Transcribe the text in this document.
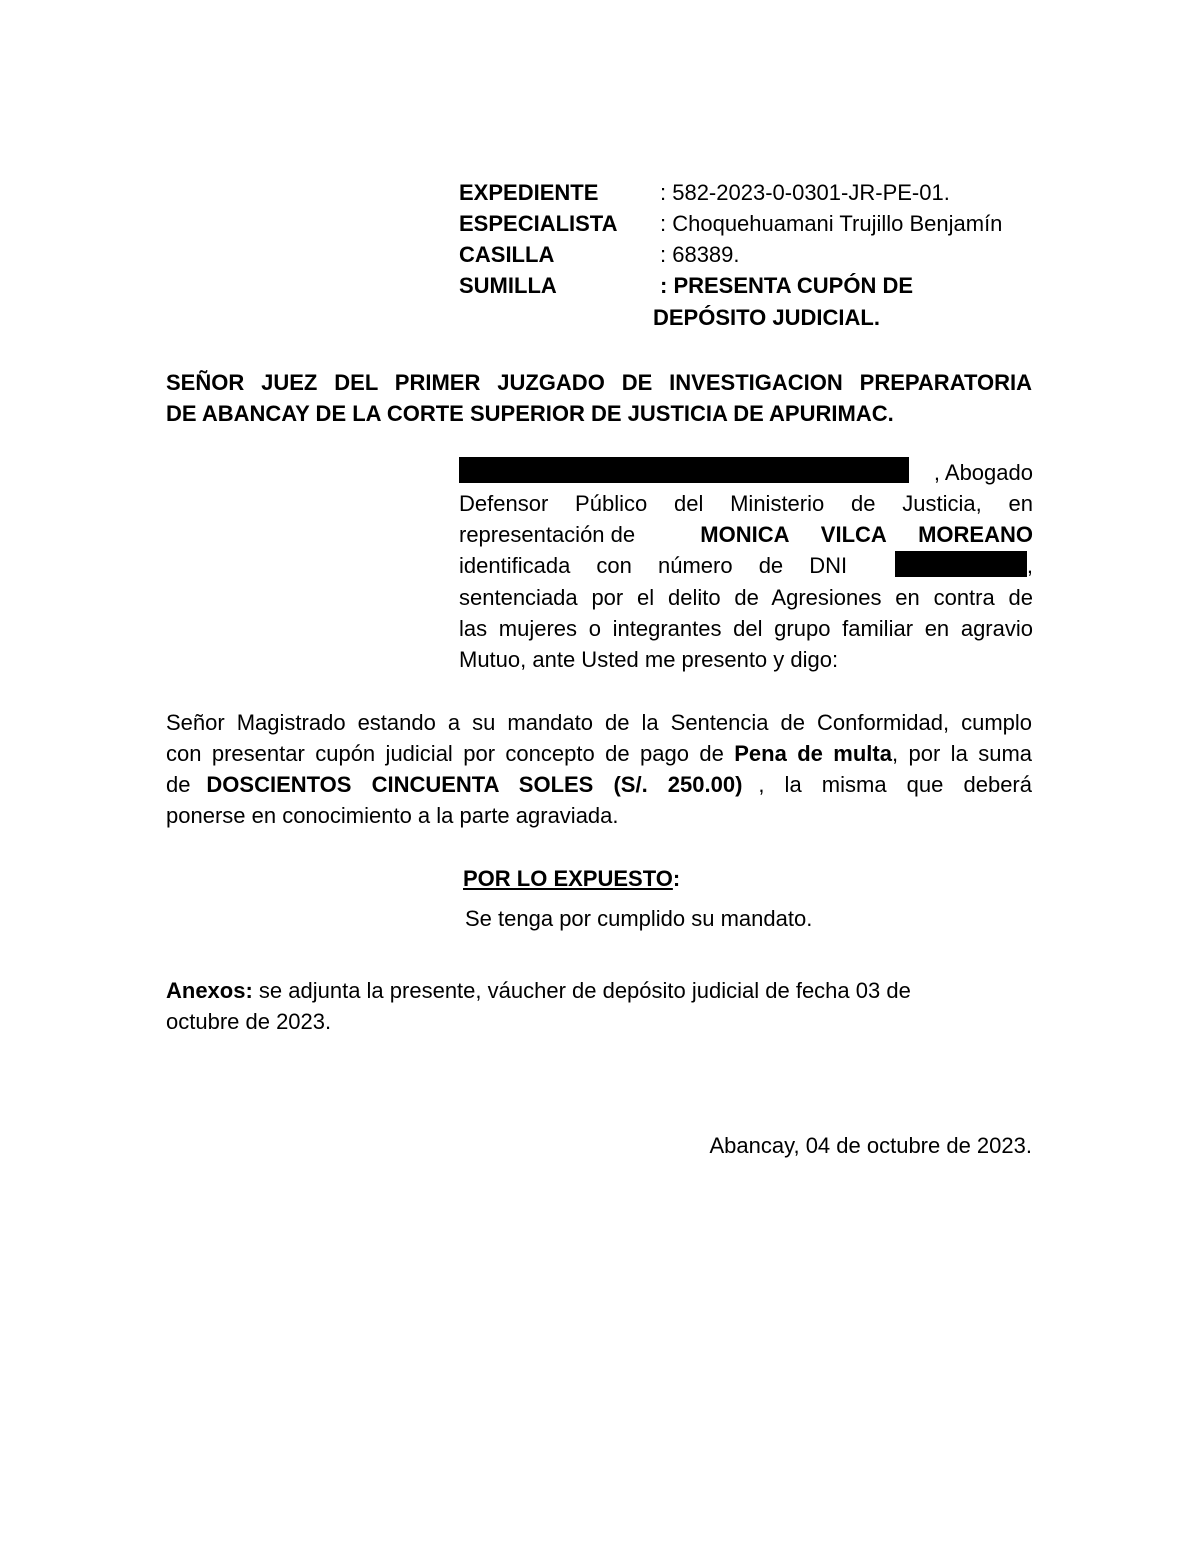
EXPEDIENTE	: 582-2023-0-0301-JR-PE-01.
ESPECIALISTA : Choquehuamani Trujillo Benjamín
CASILLA	: 68389.
SUMILLA	: PRESENTA CUPÓN DE
DEPÓSITO JUDICIAL.
SEÑOR JUEZ DEL PRIMER JUZGADO DE INVESTIGACION PREPARATORIA
DE ABANCAY DE LA CORTE SUPERIOR DE JUSTICIA DE APURIMAC.
, Abogado
Defensor Público del Ministerio de Justicia, en
representación de	MONICA VILCA MOREANO
identificada con número de DNI	,
sentenciada por el delito de Agresiones en contra de
las mujeres o integrantes del grupo familiar en agravio
Mutuo, ante Usted me presento y digo:
Señor Magistrado estando a su mandato de la Sentencia de Conformidad, cumplo
con presentar cupón judicial por concepto de pago de Pena de multa, por la suma
de DOSCIENTOS CINCUENTA SOLES (S/. 250.00) , la misma que deberá
ponerse en conocimiento a la parte agraviada.
POR LO EXPUESTO:
Se tenga por cumplido su mandato.
Anexos: se adjunta la presente, váucher de depósito judicial de fecha 03 de
octubre de 2023.
Abancay, 04 de octubre de 2023.
